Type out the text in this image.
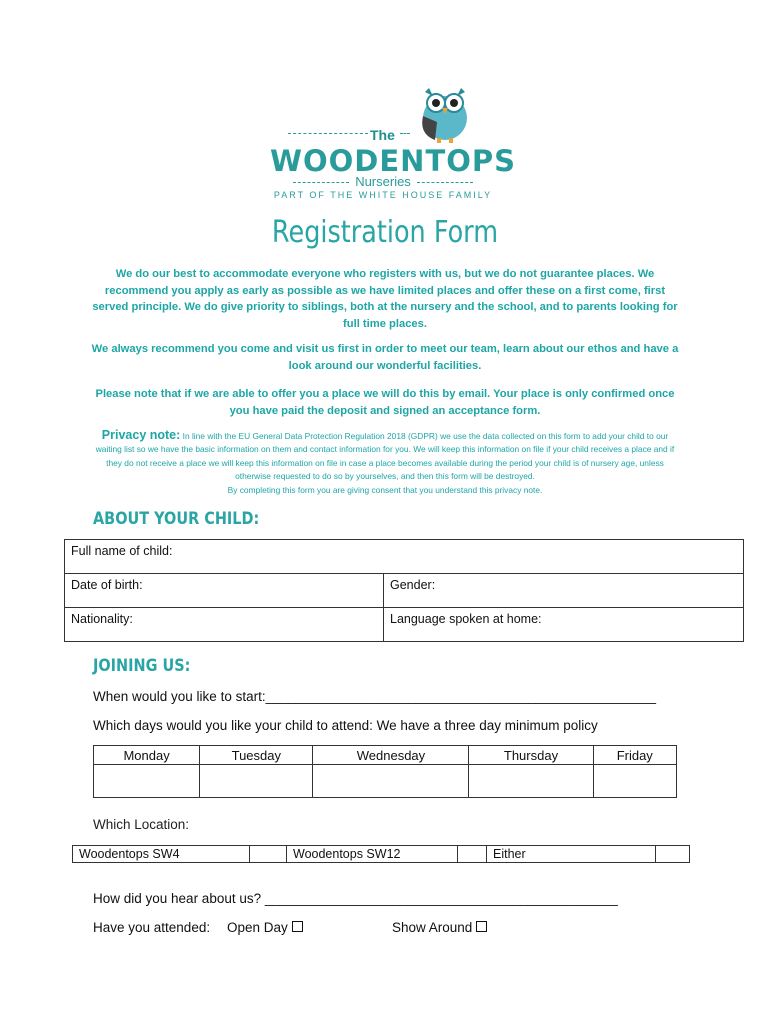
The
WOODENTOPS
Nurseries
PART OF THE WHITE HOUSE FAMILY
Registration Form
We do our best to accommodate everyone who registers with us, but we do not guarantee places. We recommend you apply as early as possible as we have limited places and offer these on a first come, first served principle. We do give priority to siblings, both at the nursery and the school, and to parents looking for full time places.
We always recommend you come and visit us first in order to meet our team, learn about our ethos and have a look around our wonderful facilities.
Please note that if we are able to offer you a place we will do this by email. Your place is only confirmed once you have paid the deposit and signed an acceptance form.
Privacy note: In line with the EU General Data Protection Regulation 2018 (GDPR) we use the data collected on this form to add your child to our waiting list so we have the basic information on them and contact information for you. We will keep this information on file if your child receives a place and if they do not receive a place we will keep this information on file in case a place becomes available during the period your child is of nursery age, unless otherwise requested to do so by yourselves, and then this form will be destroyed.
By completing this form you are giving consent that you understand this privacy note.
ABOUT YOUR CHILD:
Full name of child:	
Date of birth:	Gender:
Nationality:	Language spoken at home:
JOINING US:
When would you like to start:____________________________________________________
Which days would you like your child to attend: We have a three day minimum policy
Monday	Tuesday	Wednesday	Thursday	Friday

Which Location:
Woodentops SW4		Woodentops SW12		Either	
How did you hear about us? _______________________________________________
Have you attended: Open Day	Show Around
